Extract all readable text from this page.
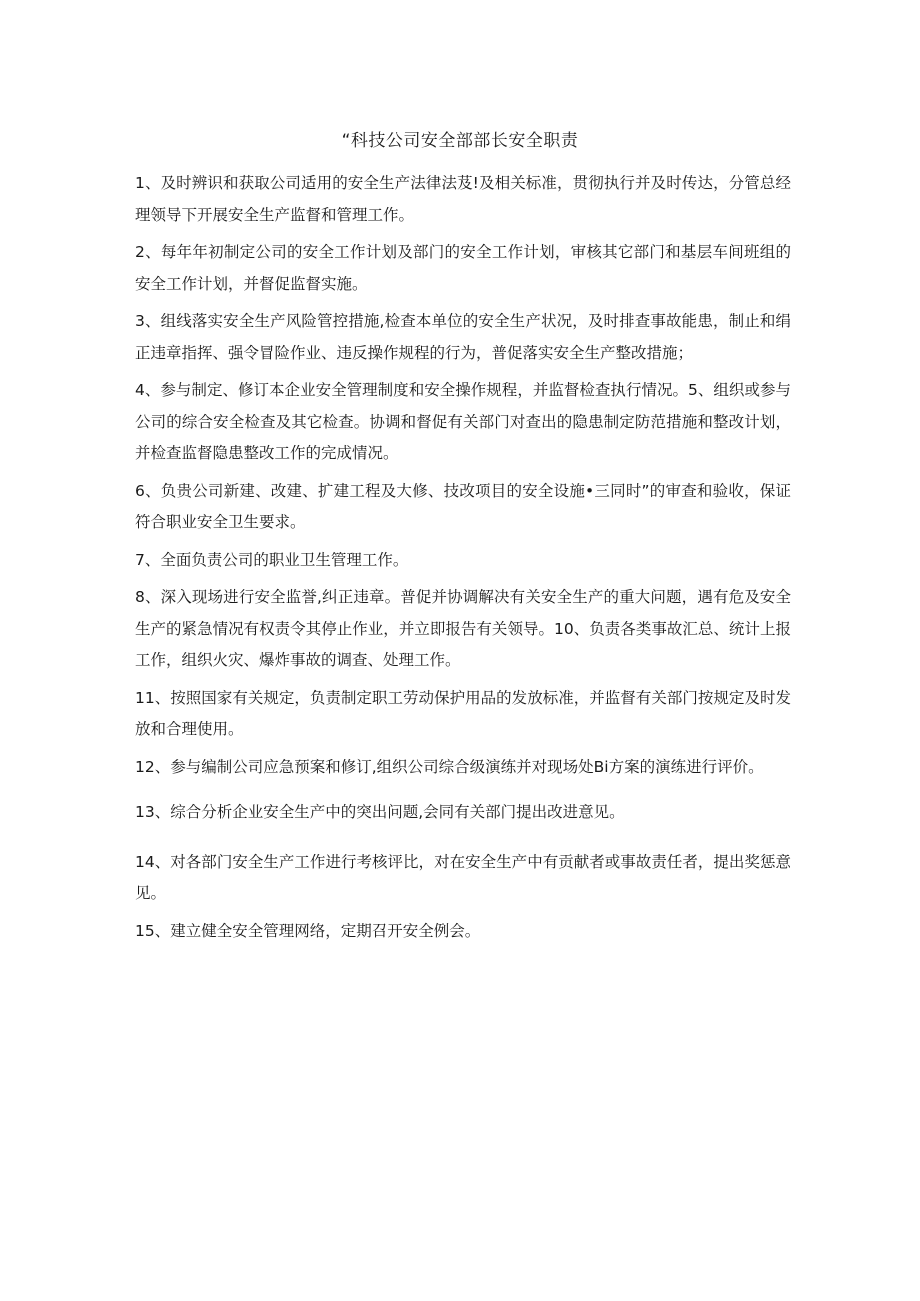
“科技公司安全部部长安全职责

1、及时辨识和获取公司适用的安全生产法律法芨!及相关标准，贯彻执行并及时传达，分管总经理领导下开展安全生产监督和管理工作。

2、每年年初制定公司的安全工作计划及部门的安全工作计划，审核其它部门和基层车间班组的安全工作计划，并督促监督实施。

3、组线落实安全生产风险管控措施,检查本单位的安全生产状况，及时排查事故能患，制止和绢正违章指挥、强令冒险作业、违反操作规程的行为，普促落实安全生产整改措施；

4、参与制定、修订本企业安全管理制度和安全操作规程，并监督检查执行情况。5、组织或参与公司的综合安全检查及其它检查。协调和督促有关部门对查出的隐患制定防范措施和整改计划，并检查监督隐患整改工作的完成情况。

6、负贵公司新建、改建、扩建工程及大修、技改项目的安全设施•三同时”的审查和验收，保证符合职业安全卫生要求。

7、全面负责公司的职业卫生管理工作。

8、深入现场进行安全监誉,纠正违章。普促并协调解决有关安全生产的重大问题，遇有危及安全生产的紧急情况有权责令其停止作业，并立即报告有关领导。10、负责各类事故汇总、统计上报工作，组织火灾、爆炸事故的调查、处理工作。

11、按照国家有关规定，负责制定职工劳动保护用品的发放标准，并监督有关部门按规定及时发放和合理使用。

12、参与编制公司应急预案和修订,组织公司综合级演练并对现场处Bi方案的演练进行评价。

13、综合分析企业安全生产中的突出问题,会同有关部门提出改进意见。

14、对各部门安全生产工作进行考核评比，对在安全生产中有贡献者或事故责任者，提出奖惩意见。

15、建立健全安全管理网络，定期召开安全例会。
